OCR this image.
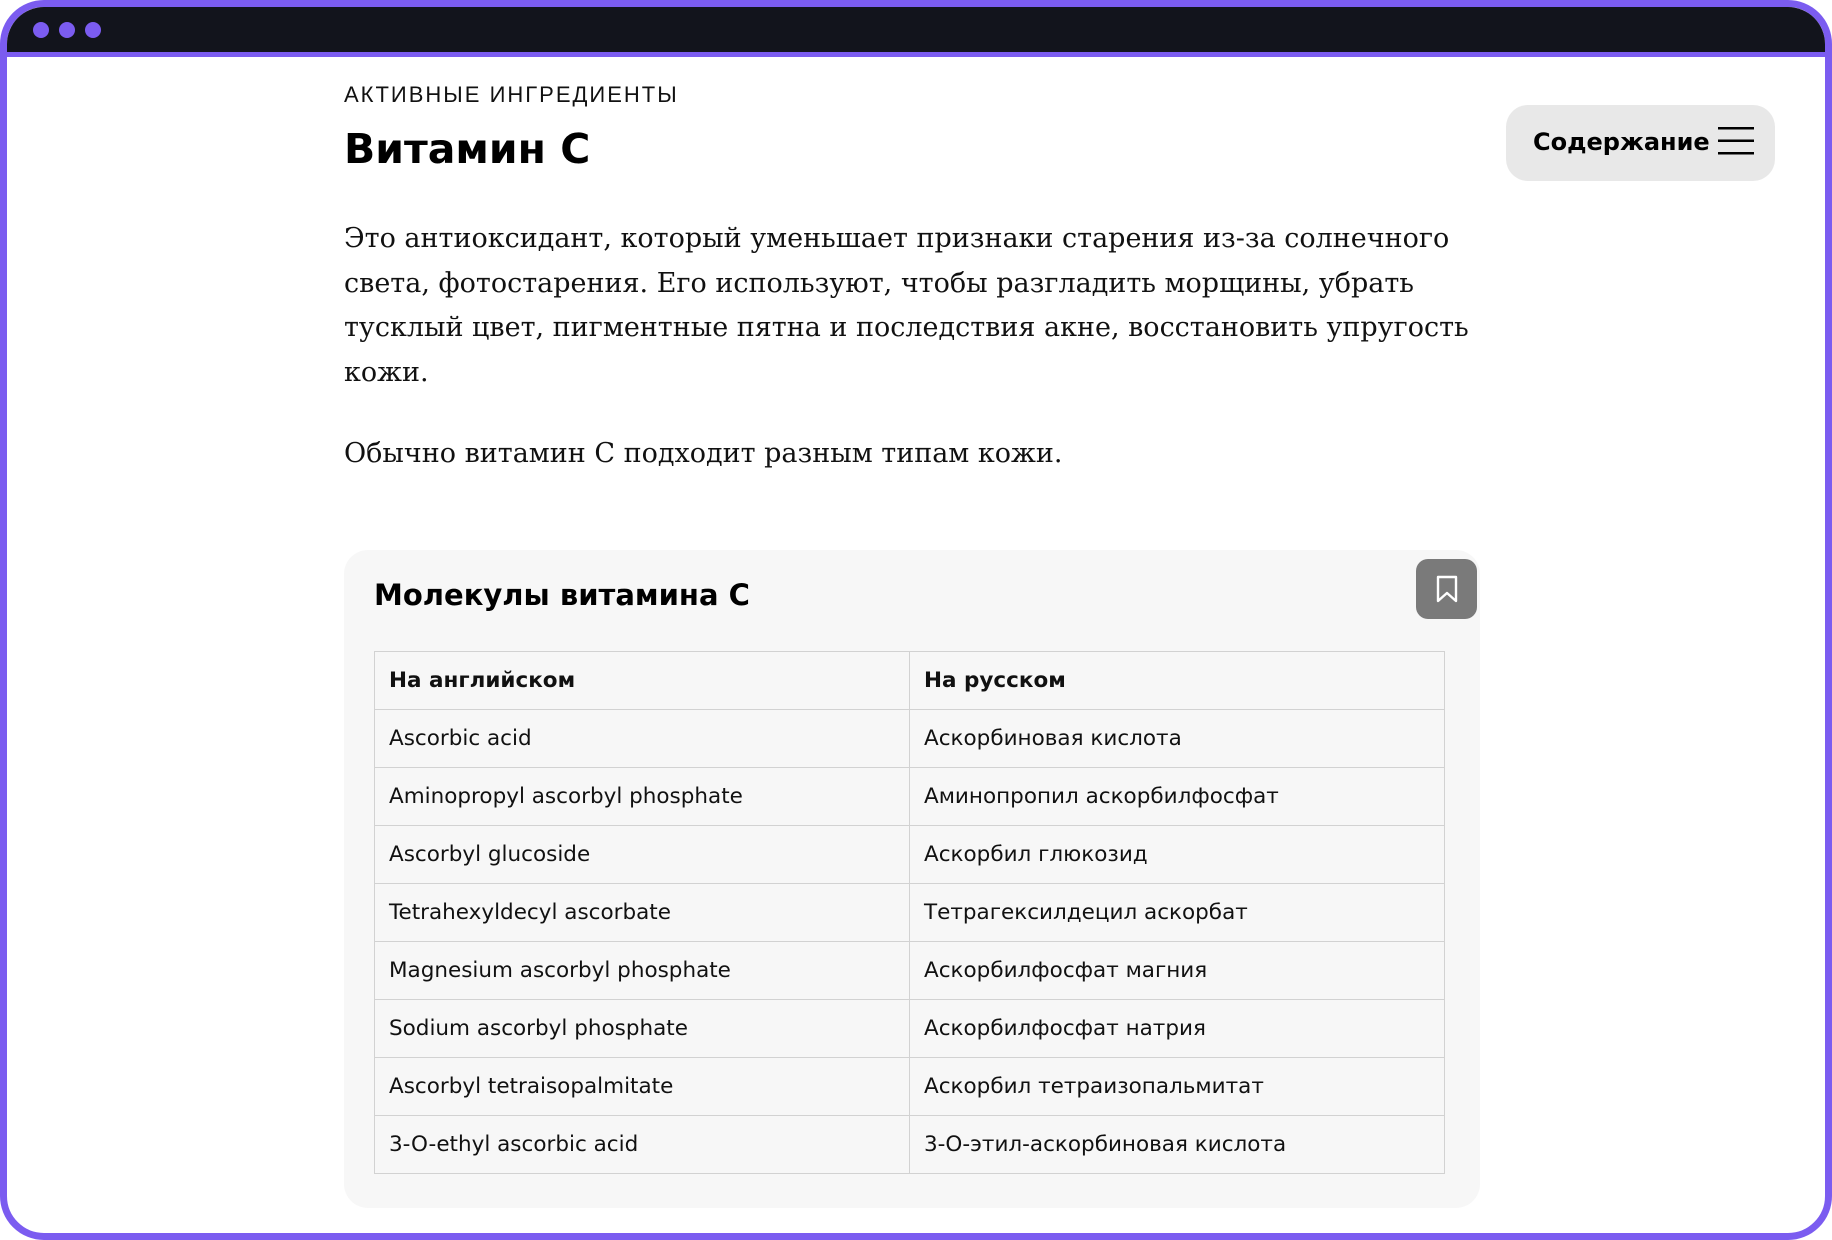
АКТИВНЫЕ ИНГРЕДИЕНТЫ
Витамин С	Содержание

Это антиоксидант, который уменьшает признаки старения из-за солнечного света, фотостарения. Его используют, чтобы разгладить морщины, убрать тусклый цвет, пигментные пятна и последствия акне, восстановить упругость кожи.

Обычно витамин С подходит разным типам кожи.

Молекулы витамина С
На английском	На русском
Ascorbic acid	Аскорбиновая кислота
Aminopropyl ascorbyl phosphate	Аминопропил аскорбилфосфат
Ascorbyl glucoside	Аскорбил глюкозид
Tetrahexyldecyl ascorbate	Тетрагексилдецил аскорбат
Magnesium ascorbyl phosphate	Аскорбилфосфат магния
Sodium ascorbyl phosphate	Аскорбилфосфат натрия
Ascorbyl tetraisopalmitate	Аскорбил тетраизопальмитат
3-O-ethyl ascorbic acid	3-О-этил-аскорбиновая кислота
